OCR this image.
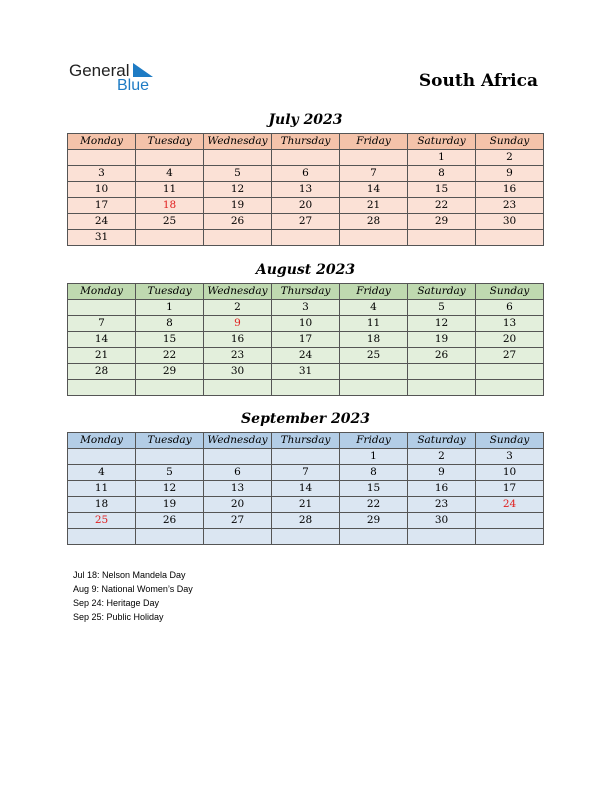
General
Blue	South Africa
July 2023
Monday	Tuesday	Wednesday	Thursday	Friday	Saturday	Sunday
					1	2
3	4	5	6	7	8	9
10	11	12	13	14	15	16
17	18	19	20	21	22	23
24	25	26	27	28	29	30
31						
August 2023
Monday	Tuesday	Wednesday	Thursday	Friday	Saturday	Sunday
	1	2	3	4	5	6
7	8	9	10	11	12	13
14	15	16	17	18	19	20
21	22	23	24	25	26	27
28	29	30	31			

September 2023
Monday	Tuesday	Wednesday	Thursday	Friday	Saturday	Sunday
				1	2	3
4	5	6	7	8	9	10
11	12	13	14	15	16	17
18	19	20	21	22	23	24
25	26	27	28	29	30	

Jul 18: Nelson Mandela Day
Aug 9: National Women’s Day
Sep 24: Heritage Day
Sep 25: Public Holiday
